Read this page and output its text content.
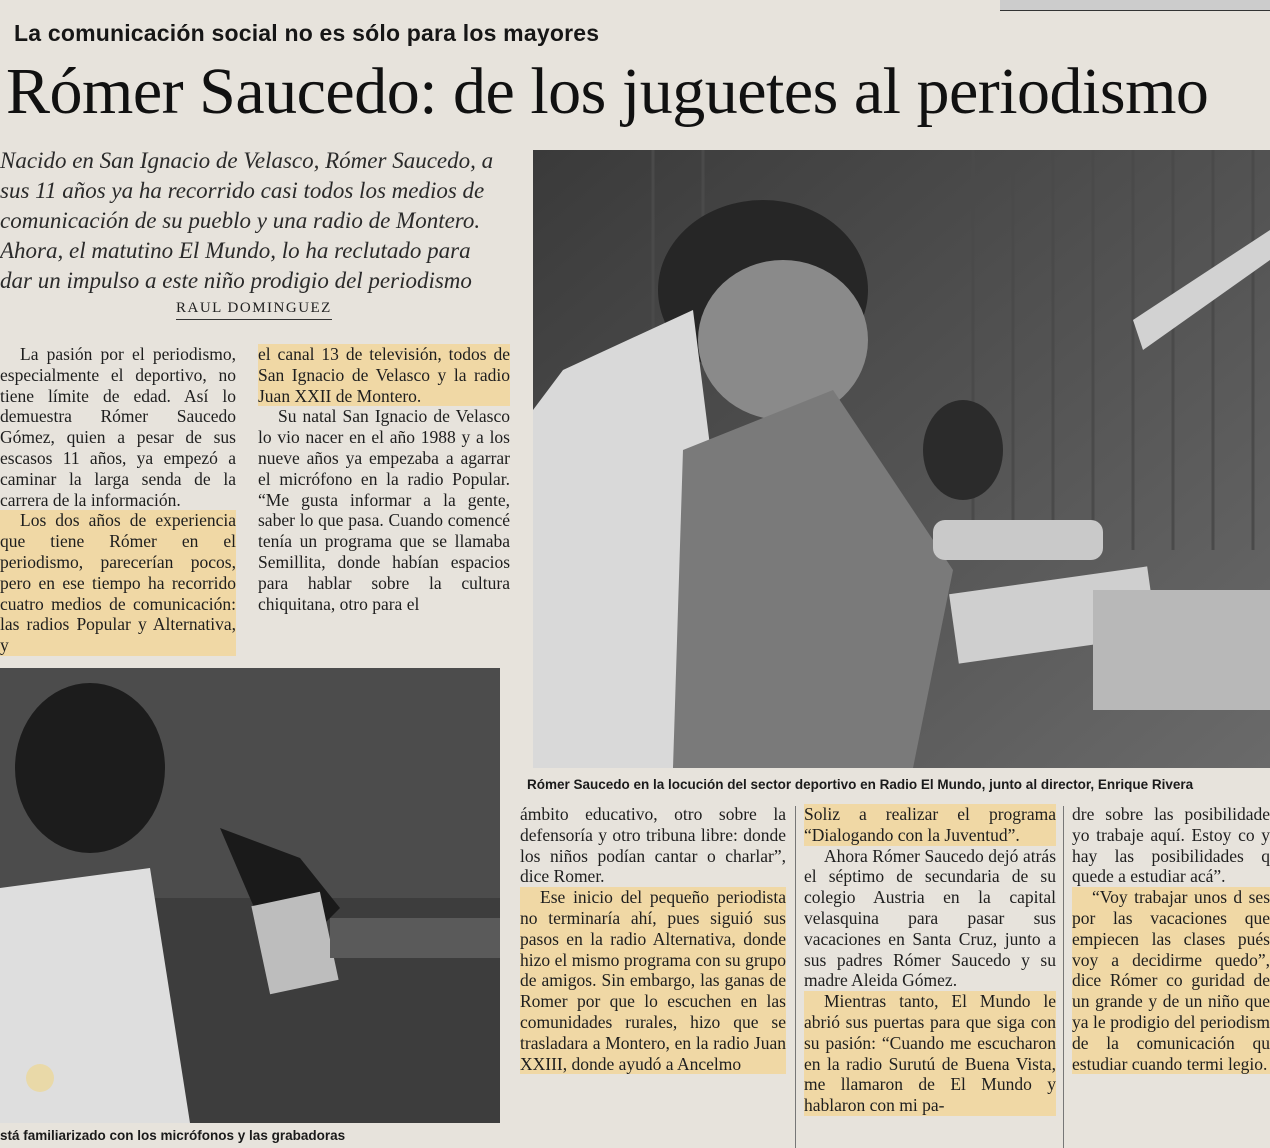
La comunicación social no es sólo para los mayores
Rómer Saucedo: de los juguetes al periodismo

Nacido en San Ignacio de Velasco, Rómer Saucedo, a

sus 11 años ya ha recorrido casi todos los medios de

comunicación de su pueblo y una radio de Montero.

Ahora, el matutino El Mundo, lo ha reclutado para

dar un impulso a este niño prodigio del periodismo

RAUL DOMINGUEZ

La pasión por el periodismo, especialmente el deportivo, no tiene límite de edad. Así lo demuestra Rómer Saucedo Gómez, quien a pesar de sus escasos 11 años, ya empezó a caminar la larga senda de la carrera de la información.

Los dos años de experiencia que tiene Rómer en el periodismo, parecerían pocos, pero en ese tiempo ha recorrido cuatro medios de comunicación: las radios Popular y Alternativa, y

el canal 13 de televisión, todos de San Ignacio de Velasco y la radio Juan XXII de Montero.

Su natal San Ignacio de Velasco lo vio nacer en el año 1988 y a los nueve años ya empezaba a agarrar el micrófono en la radio Popular. “Me gusta informar a la gente, saber lo que pasa. Cuando comencé tenía un programa que se llamaba Semillita, donde habían espacios para hablar sobre la cultura chiquitana, otro para el

Rómer Saucedo en la locución del sector deportivo en Radio El Mundo, junto al director, Enrique Rivera
stá familiarizado con los micrófonos y las grabadoras

ámbito educativo, otro sobre la defensoría y otro tribuna libre: donde los niños podían cantar o charlar”, dice Romer.

Ese inicio del pequeño periodista no terminaría ahí, pues siguió sus pasos en la radio Alternativa, donde hizo el mismo programa con su grupo de amigos. Sin embargo, las ganas de Romer por que lo escuchen en las comunidades rurales, hizo que se trasladara a Montero, en la radio Juan XXIII, donde ayudó a Ancelmo

Soliz a realizar el programa “Dialogando con la Juventud”.

Ahora Rómer Saucedo dejó atrás el séptimo de secundaria de su colegio Austria en la capital velasquina para pasar sus vacaciones en Santa Cruz, junto a sus padres Rómer Saucedo y su madre Aleida Gómez.

Mientras tanto, El Mundo le abrió sus puertas para que siga con su pasión: “Cuando me escucharon en la radio Surutú de Buena Vista, me llamaron de El Mundo y hablaron con mi pa-

dre sobre las posibilidade yo trabaje aquí. Estoy co y hay las posibilidades q quede a estudiar acá”.

“Voy trabajar unos d ses por las vacaciones que empiecen las clases pués voy a decidirme quedo”, dice Rómer co guridad de un grande y de un niño que ya le prodigio del periodism de la comunicación qu estudiar cuando termi legio.
